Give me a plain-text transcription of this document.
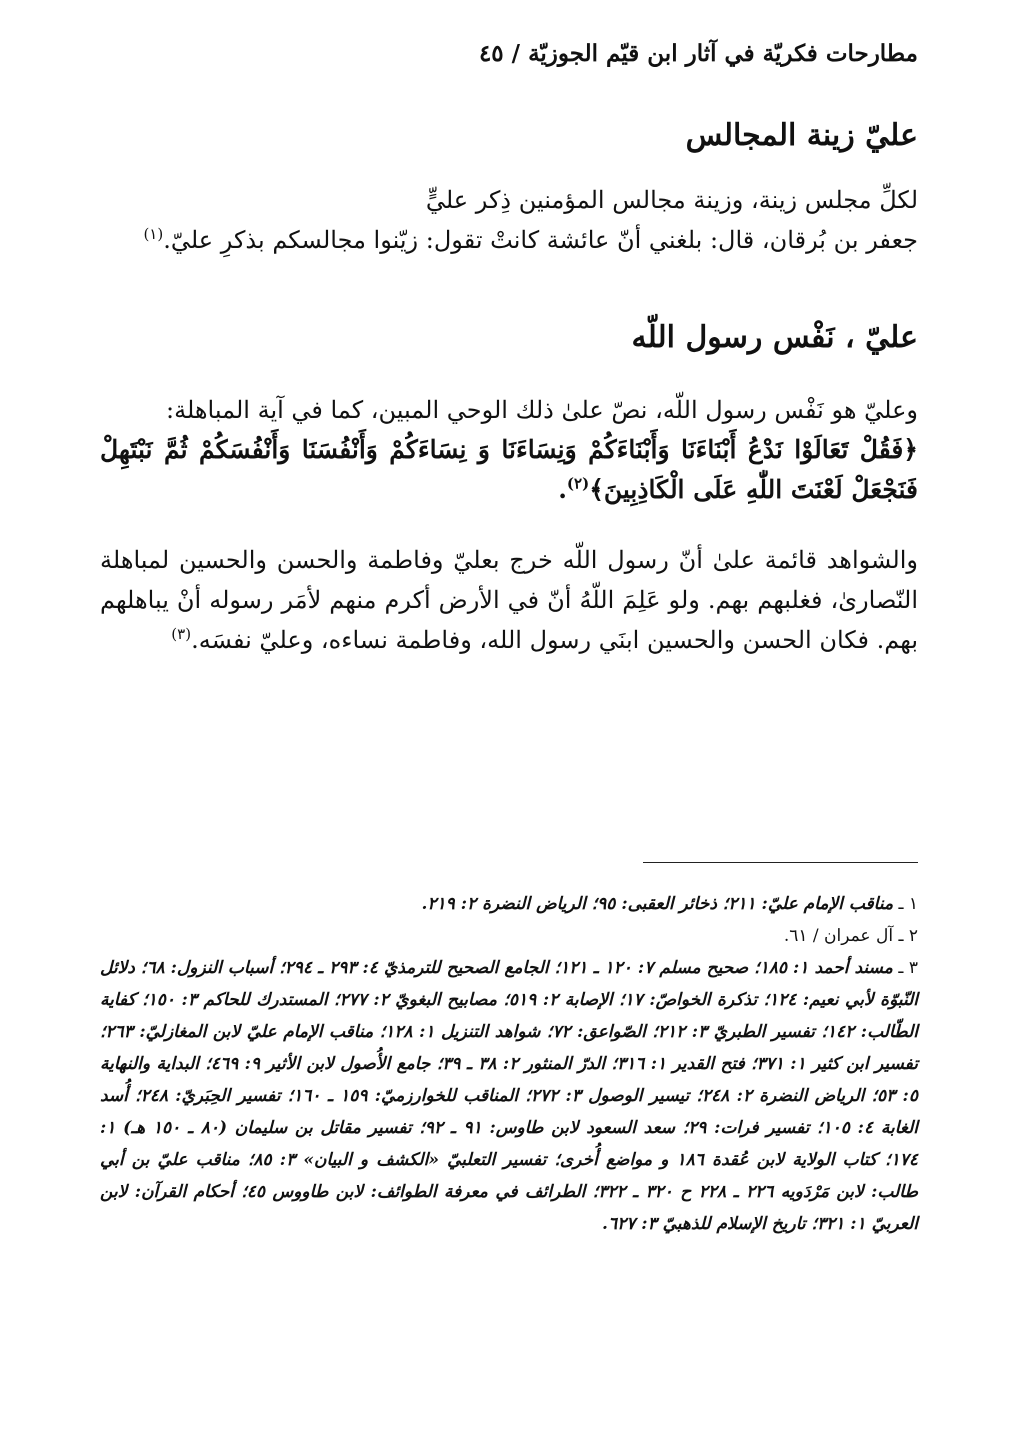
مطارحات فكريّة في آثار ابن قيّم الجوزيّة / ٤٥
عليّ زينة المجالس

لكلِّ مجلس زينة، وزينة مجالس المؤمنين ذِكر عليٍّ

جعفر بن بُرقان، قال: بلغني أنّ عائشة كانتْ تقول: زيّنوا مجالسكم بذكرِ عليّ.$^{(١)}$

عليّ ، نَفْس رسول اللّه

وعليّ هو نَفْس رسول اللّه، نصّ علىٰ ذلك الوحي المبين، كما في آية المباهلة:

﴿فَقُلْ تَعَالَوْا نَدْعُ أَبْنَاءَنَا وَأَبْنَاءَكُمْ وَنِسَاءَنَا وَ نِسَاءَكُمْ وَأَنْفُسَنَا وَأَنْفُسَكُمْ ثُمَّ نَبْتَهِلْ فَنَجْعَلْ لَعْنَتَ اللّٰهِ عَلَى الْكَاذِبِينَ﴾$^{(٢)}$.

والشواهد قائمة علىٰ أنّ رسول اللّه خرج بعليّ وفاطمة والحسن والحسين لمباهلة النّصارىٰ، فغلبهم بهم. ولو عَلِمَ اللّهُ أنّ في الأرض أكرم منهم لأمَر رسوله أنْ يباهلهم بهم. فكان الحسن والحسين ابنَي رسول الله، وفاطمة نساءه، وعليّ نفسَه.$^{(٣)}$

١ ـ مناقب الإمام عليّ: ٢١١؛ ذخائر العقبى: ٩٥؛ الرياض النضرة ٢: ٢١٩.

٢ ـ آل عمران / ٦١.

٣ ـ مسند أحمد ١: ١٨٥؛ صحيح مسلم ٧: ١٢٠ ـ ١٢١؛ الجامع الصحيح للترمذيّ ٤: ٢٩٣ ـ ٢٩٤؛ أسباب النزول: ٦٨؛ دلائل النّبوّة لأبي نعيم: ١٢٤؛ تذكرة الخواصّ: ١٧؛ الإصابة ٢: ٥١٩؛ مصابيح البغويّ ٢: ٢٧٧؛ المستدرك للحاكم ٣: ١٥٠؛ كفاية الطّالب: ١٤٢؛ تفسير الطبريّ ٣: ٢١٢؛ الصّواعق: ٧٢؛ شواهد التنزيل ١: ١٢٨؛ مناقب الإمام عليّ لابن المغازليّ: ٢٦٣؛ تفسير ابن كثير ١: ٣٧١؛ فتح القدير ١: ٣١٦؛ الدرّ المنثور ٢: ٣٨ ـ ٣٩؛ جامع الأُصول لابن الأثير ٩: ٤٦٩؛ البداية والنهاية ٥: ٥٣؛ الرياض النضرة ٢: ٢٤٨؛ تيسير الوصول ٣: ٢٧٢؛ المناقب للخوارزميّ: ١٥٩ ـ ١٦٠؛ تفسير الحِبَريّ: ٢٤٨؛ أُسد الغابة ٤: ١٠٥؛ تفسير فرات: ٢٩؛ سعد السعود لابن طاوس: ٩١ ـ ٩٢؛ تفسير مقاتل بن سليمان (٨٠ ـ ١٥٠ هـ) ١: ١٧٤؛ كتاب الولاية لابن عُقدة ١٨٦ و مواضع أُخرى؛ تفسير التعلبيّ «الكشف و البيان» ٣: ٨٥؛ مناقب عليّ بن أبي طالب: لابن مَرْدَويه ٢٢٦ ـ ٢٢٨ ح ٣٢٠ ـ ٣٢٢؛ الطرائف في معرفة الطوائف: لابن طاووس ٤٥؛ أحكام القرآن: لابن العربيّ ١: ٣٢١؛ تاريخ الإسلام للذهبيّ ٣: ٦٢٧.
